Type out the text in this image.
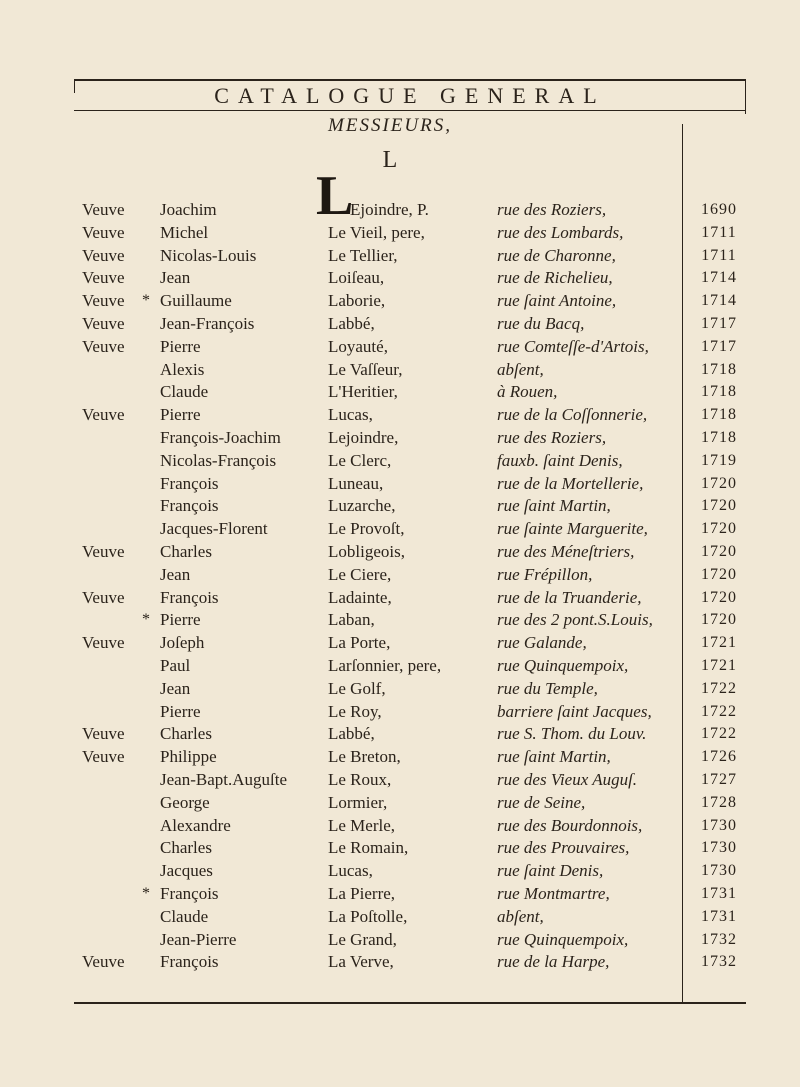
CATALOGUE GENERAL
MESSIEURS,
L
L
Veuve Joachim	Ejoindre, P.	rue des Roziers,	1690
Veuve Michel	Le Vieil, pere,	rue des Lombards,	1711
Veuve Nicolas-Louis	Le Tellier,	rue de Charonne,	1711
Veuve Jean	Loiſeau,	rue de Richelieu,	1714
Veuve * Guillaume	Laborie,	rue ſaint Antoine,	1714
Veuve Jean-François	Labbé,	rue du Bacq,	1717
Veuve Pierre	Loyauté,	rue Comteſſe-d'Artois,	1717
Alexis	Le Vaſſeur,	abſent,	1718
Claude	L'Heritier,	à Rouen,	1718
Veuve Pierre	Lucas,	rue de la Coſſonnerie,	1718
François-Joachim	Lejoindre,	rue des Roziers,	1718
Nicolas-François	Le Clerc,	fauxb. ſaint Denis,	1719
François	Luneau,	rue de la Mortellerie,	1720
François	Luzarche,	rue ſaint Martin,	1720
Jacques-Florent	Le Provoſt,	rue ſainte Marguerite,	1720
Veuve Charles	Lobligeois,	rue des Méneſtriers,	1720
Jean	Le Ciere,	rue Frépillon,	1720
Veuve François	Ladainte,	rue de la Truanderie,	1720
* Pierre	Laban,	rue des 2 pont.S.Louis,	1720
Veuve Joſeph	La Porte,	rue Galande,	1721
Paul	Larſonnier, pere,	rue Quinquempoix,	1721
Jean	Le Golf,	rue du Temple,	1722
Pierre	Le Roy,	barriere ſaint Jacques,	1722
Veuve Charles	Labbé,	rue S. Thom. du Louv.	1722
Veuve Philippe	Le Breton,	rue ſaint Martin,	1726
Jean-Bapt.Auguſte Le Roux,	rue des Vieux Auguſ.	1727
George	Lormier,	rue de Seine,	1728
Alexandre	Le Merle,	rue des Bourdonnois,	1730
Charles	Le Romain,	rue des Prouvaires,	1730
Jacques	Lucas,	rue ſaint Denis,	1730
* François	La Pierre,	rue Montmartre,	1731
Claude	La Poſtolle,	abſent,	1731
Jean-Pierre	Le Grand,	rue Quinquempoix,	1732
Veuve François	La Verve,	rue de la Harpe,	1732
